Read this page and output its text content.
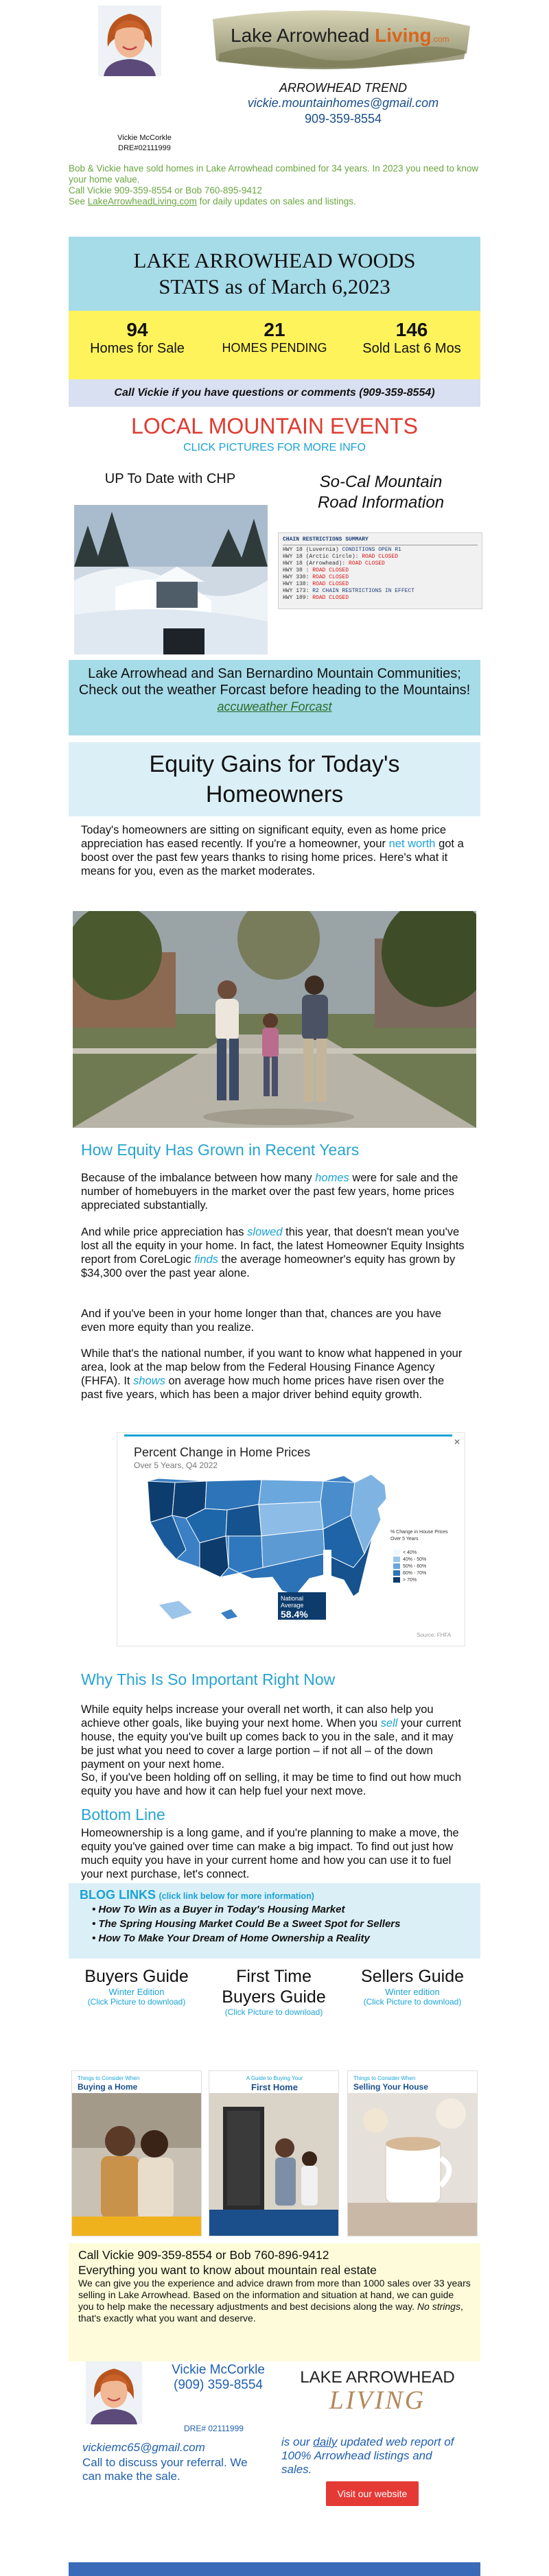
Vickie McCorkle
DRE#02111999
Lake Arrowhead Living.com
ARROWHEAD TREND
vickie.mountainhomes@gmail.com
909-359-8554
Bob & Vickie have sold homes in Lake Arrowhead combined for 34 years. In 2023 you need to know your home value.
Call Vickie 909-359-8554 or Bob 760-895-9412
See LakeArrowheadLiving.com for daily updates on sales and listings.
LAKE ARROWHEAD WOODS
STATS as of March 6,2023
94
Homes for Sale
21
HOMES PENDING
146
Sold Last 6 Mos
Call Vickie if you have questions or comments (909-359-8554)
LOCAL MOUNTAIN EVENTS
CLICK PICTURES FOR MORE INFO
UP To Date with CHP	So-Cal Mountain
Road Information
CHAIN RESTRICTIONS SUMMARY
HWY 18 (Luvernia) CONDITIONS OPEN R1
HWY 18 (Arctic Circle): ROAD CLOSED
HWY 18 (Arrowhead): ROAD CLOSED
HWY 38 : ROAD CLOSED
HWY 330: ROAD CLOSED
HWY 138: ROAD CLOSED
HWY 173: R2 CHAIN RESTRICTIONS IN EFFECT
HWY 189: ROAD CLOSED
Lake Arrowhead and San Bernardino Mountain Communities; Check out the weather Forcast before heading to the Mountains!
accuweather Forcast
Equity Gains for Today's
Homeowners
Today's homeowners are sitting on significant equity, even as home price appreciation has eased recently. If you're a homeowner, your net worth got a boost over the past few years thanks to rising home prices. Here's what it means for you, even as the market moderates.
How Equity Has Grown in Recent Years
Because of the imbalance between how many homes were for sale and the number of homebuyers in the market over the past few years, home prices appreciated substantially.
And while price appreciation has slowed this year, that doesn't mean you've lost all the equity in your home. In fact, the latest Homeowner Equity Insights report from CoreLogic finds the average homeowner's equity has grown by $34,300 over the past year alone.
And if you've been in your home longer than that, chances are you have even more equity than you realize.
While that's the national number, if you want to know what happened in your area, look at the map below from the Federal Housing Finance Agency (FHFA). It shows on average how much home prices have risen over the past five years, which has been a major driver behind equity growth.
✕
Percent Change in Home Prices
Over 5 Years, Q4 2022
National Average
58.4%
% Change in House Prices Over 5 Years
< 40%
40% - 50%
50% - 60%
60% - 70%
> 70%
Source: FHFA
Why This Is So Important Right Now
While equity helps increase your overall net worth, it can also help you achieve other goals, like buying your next home. When you sell your current house, the equity you've built up comes back to you in the sale, and it may be just what you need to cover a large portion – if not all – of the down payment on your next home.
So, if you've been holding off on selling, it may be time to find out how much equity you have and how it can help fuel your next move.
Bottom Line
Homeownership is a long game, and if you're planning to make a move, the equity you've gained over time can make a big impact. To find out just how much equity you have in your current home and how you can use it to fuel your next purchase, let's connect.
BLOG LINKS (click link below for more information)
• How To Win as a Buyer in Today's Housing Market
• The Spring Housing Market Could Be a Sweet Spot for Sellers
• How To Make Your Dream of Home Ownership a Reality
Buyers Guide
Winter Edition
(Click Picture to download)
First Time
Buyers Guide
(Click Picture to download)
Sellers Guide
Winter edition
(Click Picture to download)
Things to Consider When
Buying a Home
A Guide to Buying Your
First Home
Things to Consider When
Selling Your House
Call Vickie 909-359-8554 or Bob 760-896-9412
Everything you want to know about mountain real estate
We can give you the experience and advice drawn from more than 1000 sales over 33 years selling in Lake Arrowhead. Based on the information and situation at hand, we can guide you to help make the necessary adjustments and best decisions along the way. No strings, that's exactly what you want and deserve.
Vickie McCorkle
(909) 359-8554
DRE# 02111999
vickiemc65@gmail.com
Call to discuss your referral. We can make the sale.
LAKE ARROWHEAD
LIVING
is our daily updated web report of 100% Arrowhead listings and sales.
Visit our website
